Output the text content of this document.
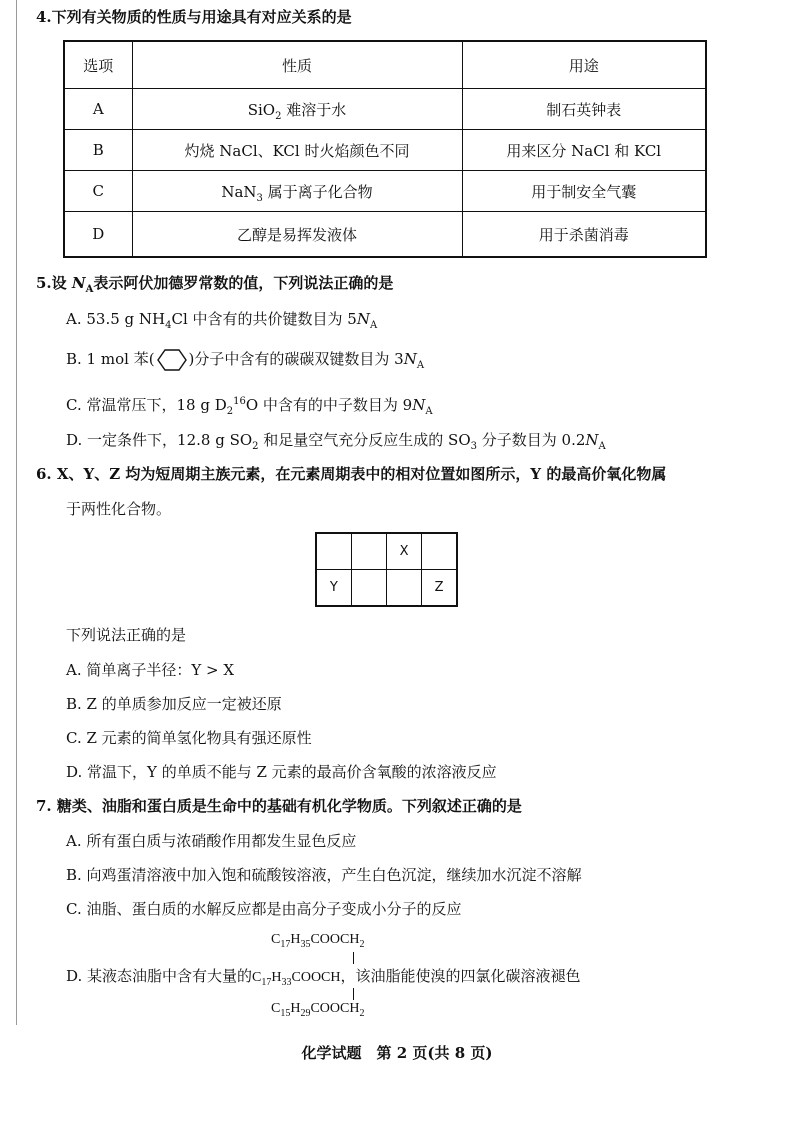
4.下列有关物质的性质与用途具有对应关系的是
选项	性质	用途
A	SiO$_2$ 难溶于水	制石英钟表
B	灼烧 NaCl、KCl 时火焰颜色不同	用来区分 NaCl 和 KCl
C	NaN$_3$ 属于离子化合物	用于制安全气囊
D	乙醇是易挥发液体	用于杀菌消毒
5.设 $N_A$表示阿伏加德罗常数的值，下列说法正确的是
A. 53.5 g $NH_4Cl$ 中含有的共价键数目为 $5N_A$
B. 1 mol 苯( )分子中含有的碳碳双键数目为 $3N_A$
C. 常温常压下，18 g $D_2^{16}O$ 中含有的中子数目为 $9N_A$
D. 一定条件下，12.8 g $SO_2$ 和足量空气充分反应生成的 $SO_3$ 分子数目为 $0.2N_A$
6. X、Y、Z 均为短周期主族元素，在元素周期表中的相对位置如图所示，Y 的最高价氧化物属
于两性化合物。
		X	
Y			Z
下列说法正确的是
A. 简单离子半径：Y > X
B. Z 的单质参加反应一定被还原
C. Z 元素的简单氢化物具有强还原性
D. 常温下，Y 的单质不能与 Z 元素的最高价含氧酸的浓溶液反应
7. 糖类、油脂和蛋白质是生命中的基础有机化学物质。下列叙述正确的是
A. 所有蛋白质与浓硝酸作用都发生显色反应
B. 向鸡蛋清溶液中加入饱和硫酸铵溶液，产生白色沉淀，继续加水沉淀不溶解
C. 油脂、蛋白质的水解反应都是由高分子变成小分子的反应
$C_{17}H_{35}COOCH_2$
D. 某液态油脂中含有大量的$C_{17}H_{33}COOCH$，该油脂能使溴的四氯化碳溶液褪色
$C_{15}H_{29}COOCH_2$
化学试题　第 2 页(共 8 页)
